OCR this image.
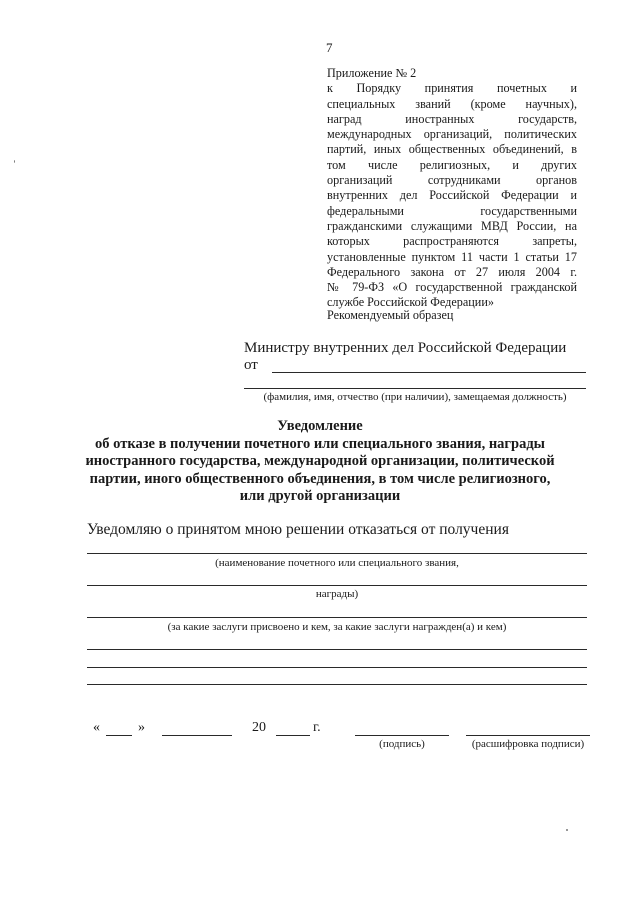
7
Приложение № 2
к Порядку принятия почетных и
специальных званий (кроме научных),
наград иностранных государств,
международных организаций, политических
партий, иных общественных объединений, в
том числе религиозных, и других
организаций сотрудниками органов
внутренних дел Российской Федерации и
федеральными государственными
гражданскими служащими МВД России, на
которых распространяются запреты,
установленные пунктом 11 части 1 статьи 17
Федерального закона от 27 июля 2004 г.
№ 79-ФЗ «О государственной гражданской
службе Российской Федерации»
Рекомендуемый образец
Министру внутренних дел Российской Федерации
от
(фамилия, имя, отчество (при наличии), замещаемая должность)
Уведомление
об отказе в получении почетного или специального звания, награды
иностранного государства, международной организации, политической
партии, иного общественного объединения, в том числе религиозного,
или другой организации
Уведомляю о принятом мною решении отказаться от получения
(наименование почетного или специального звания,
награды)
(за какие заслуги присвоено и кем, за какие заслуги награжден(а) и кем)
«	»	20	г.
(подпись)	(расшифровка подписи)
